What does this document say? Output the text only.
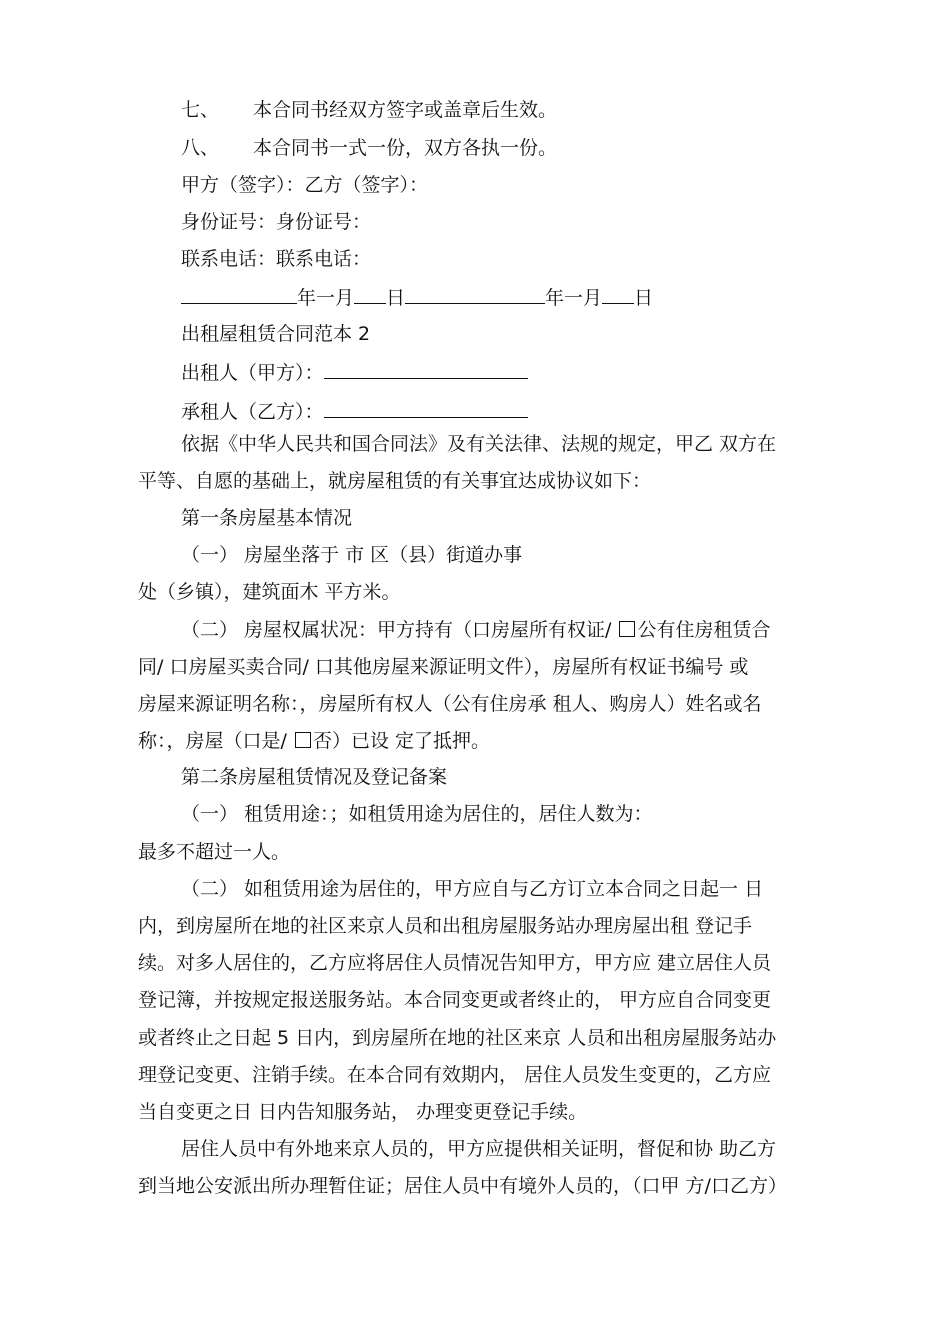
七、 本合同书经双方签字或盖章后生效。
八、 本合同书一式一份，双方各执一份。
甲方（签字）：乙方（签字）：
身份证号：身份证号：
联系电话：联系电话：
年一月 日	年一月 日
出租屋租赁合同范本 2
出租人（甲方）：
承租人（乙方）：
依据《中华人民共和国合同法》及有关法律、法规的规定，甲乙 双方在
平等、自愿的基础上，就房屋租赁的有关事宜达成协议如下：
第一条房屋基本情况
（一） 房屋坐落于 市 区（县）街道办事
处（乡镇），建筑面木 平方米。
（二） 房屋权属状况：甲方持有（口房屋所有权证/ 公有住房租赁合
同/ 口房屋买卖合同/ 口其他房屋来源证明文件），房屋所有权证书编号 或
房屋来源证明名称：，房屋所有权人（公有住房承 租人、购房人）姓名或名
称：，房屋（口是/ 否）已设 定了抵押。
第二条房屋租赁情况及登记备案
（一） 租赁用途：；如租赁用途为居住的，居住人数为：
最多不超过一人。
（二） 如租赁用途为居住的，甲方应自与乙方订立本合同之日起一 日
内，到房屋所在地的社区来京人员和出租房屋服务站办理房屋出租 登记手
续。对多人居住的，乙方应将居住人员情况告知甲方，甲方应 建立居住人员
登记簿，并按规定报送服务站。本合同变更或者终止的， 甲方应自合同变更
或者终止之日起 5 日内，到房屋所在地的社区来京 人员和出租房屋服务站办
理登记变更、注销手续。在本合同有效期内， 居住人员发生变更的，乙方应
当自变更之日 日内告知服务站， 办理变更登记手续。
居住人员中有外地来京人员的，甲方应提供相关证明，督促和协 助乙方
到当地公安派出所办理暂住证；居住人员中有境外人员的，（口甲 方/口乙方）
